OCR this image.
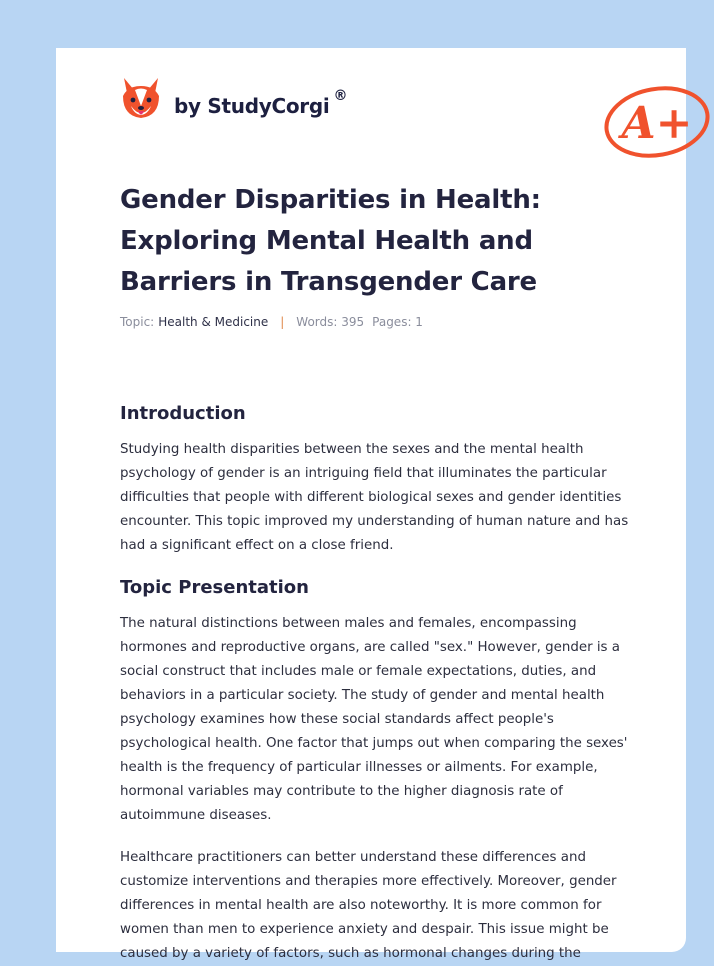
by StudyCorgi ®
A+
Gender Disparities in Health: Exploring Mental Health and Barriers in Transgender Care
Topic: Health & Medicine | Words: 395 Pages: 1
Introduction

Studying health disparities between the sexes and the mental health psychology of gender is an intriguing field that illuminates the particular difficulties that people with different biological sexes and gender identities encounter. This topic improved my understanding of human nature and has had a significant effect on a close friend.

Topic Presentation

The natural distinctions between males and females, encompassing hormones and reproductive organs, are called "sex." However, gender is a social construct that includes male or female expectations, duties, and behaviors in a particular society. The study of gender and mental health psychology examines how these social standards affect people's psychological health. One factor that jumps out when comparing the sexes' health is the frequency of particular illnesses or ailments. For example, hormonal variables may contribute to the higher diagnosis rate of autoimmune diseases.

Healthcare practitioners can better understand these differences and customize interventions and therapies more effectively. Moreover, gender differences in mental health are also noteworthy. It is more common for women than men to experience anxiety and despair. This issue might be caused by a variety of factors, such as hormonal changes during the
